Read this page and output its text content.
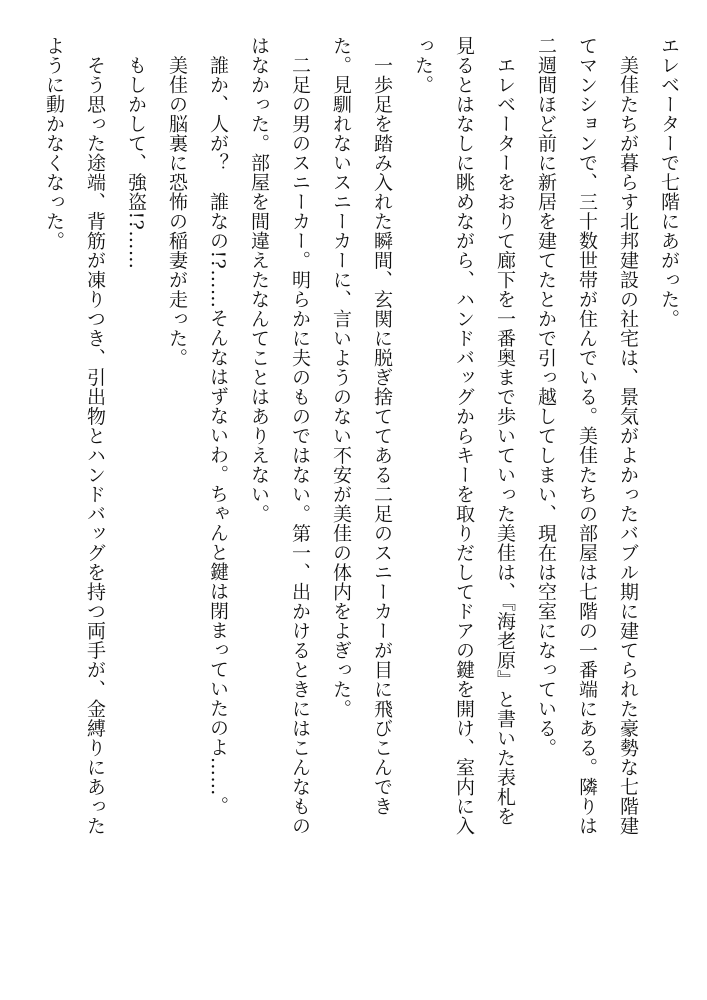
エレベーターで七階にあがった。
　美佳たちが暮らす北邦建設の社宅は、景気がよかったバブル期に建てられた豪勢な七階建
てマンションで、三十数世帯が住んでいる。美佳たちの部屋は七階の一番端にある。隣りは
二週間ほど前に新居を建てたとかで引っ越してしまい、現在は空室になっている。
　エレベーターをおりて廊下を一番奥まで歩いていった美佳は、『海老原』と書いた表札を
見るとはなしに眺めながら、ハンドバッグからキーを取りだしてドアの鍵を開け、室内に入
った。
　一歩足を踏み入れた瞬間、玄関に脱ぎ捨ててある二足のスニーカーが目に飛びこんでき
た。見馴れないスニーカーに、言いようのない不安が美佳の体内をよぎった。
　二足の男のスニーカー。明らかに夫のものではない。第一、出かけるときにはこんなもの
はなかった。部屋を間違えたなんてことはありえない。
　誰か、人が？　誰なの!?……そんなはずないわ。ちゃんと鍵は閉まっていたのよ……。
　美佳の脳裏に恐怖の稲妻が走った。
　もしかして、強盗!?……
　そう思った途端、背筋が凍りつき、引出物とハンドバッグを持つ両手が、金縛りにあった
ように動かなくなった。
